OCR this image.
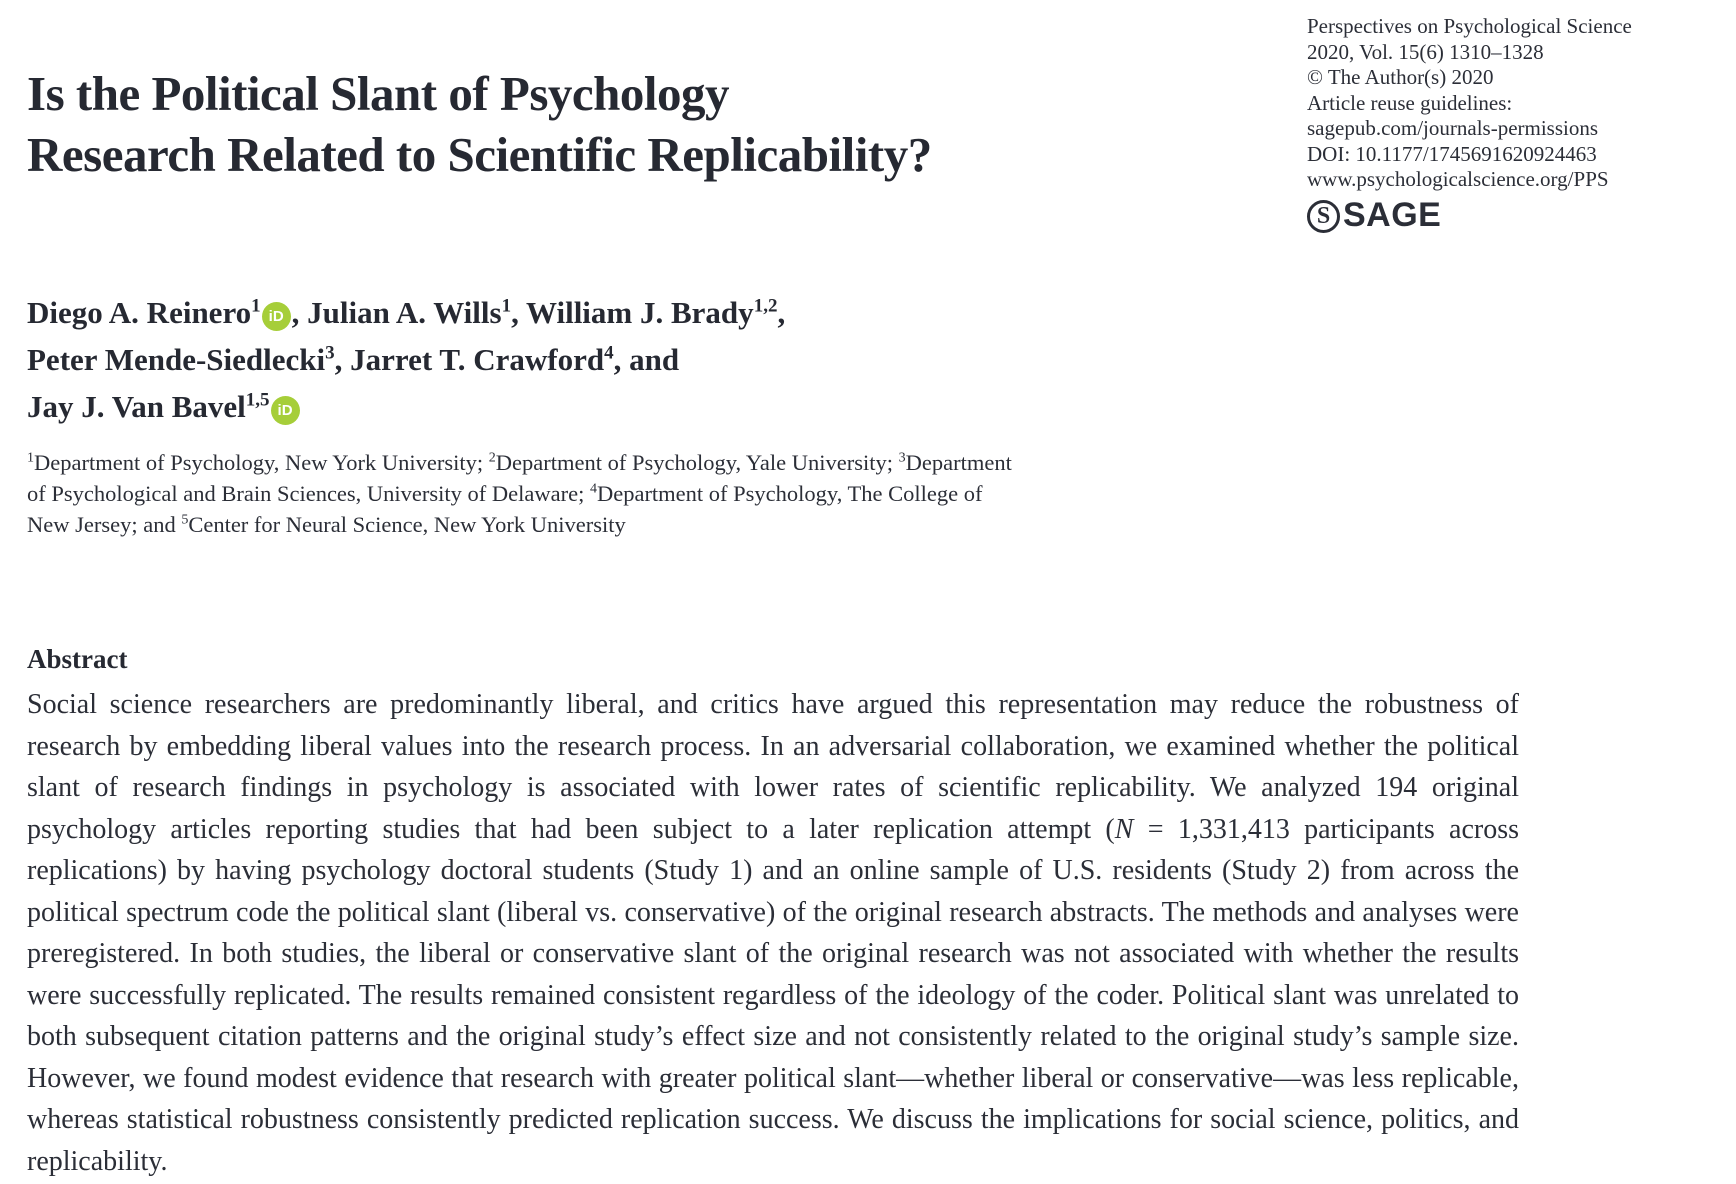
Is the Political Slant of Psychology
Research Related to Scientific Replicability?
Perspectives on Psychological Science
2020, Vol. 15(6) 1310–1328
© The Author(s) 2020
Article reuse guidelines:
sagepub.com/journals-permissions
DOI: 10.1177/1745691620924463
www.psychologicalscience.org/PPS
S SAGE
Diego A. Reinero$^1$ iD , Julian A. Wills$^1$, William J. Brady$^{1,2}$,
Peter Mende-Siedlecki$^3$, Jarret T. Crawford$^4$, and
Jay J. Van Bavel$^{1,5}$ iD

$^1$Department of Psychology, New York University; $^2$Department of Psychology, Yale University; $^3$Department of Psychological and Brain Sciences, University of Delaware; $^4$Department of Psychology, The College of New Jersey; and $^5$Center for Neural Science, New York University

Abstract

Social science researchers are predominantly liberal, and critics have argued this representation may reduce the robustness of research by embedding liberal values into the research process. In an adversarial collaboration, we examined whether the political slant of research findings in psychology is associated with lower rates of scientific replicability. We analyzed 194 original psychology articles reporting studies that had been subject to a later replication attempt (N = 1,331,413 participants across replications) by having psychology doctoral students (Study 1) and an online sample of U.S. residents (Study 2) from across the political spectrum code the political slant (liberal vs. conservative) of the original research abstracts. The methods and analyses were preregistered. In both studies, the liberal or conservative slant of the original research was not associated with whether the results were successfully replicated. The results remained consistent regardless of the ideology of the coder. Political slant was unrelated to both subsequent citation patterns and the original study’s effect size and not consistently related to the original study’s sample size. However, we found modest evidence that research with greater political slant—whether liberal or conservative—was less replicable, whereas statistical robustness consistently predicted replication success. We discuss the implications for social science, politics, and replicability.
